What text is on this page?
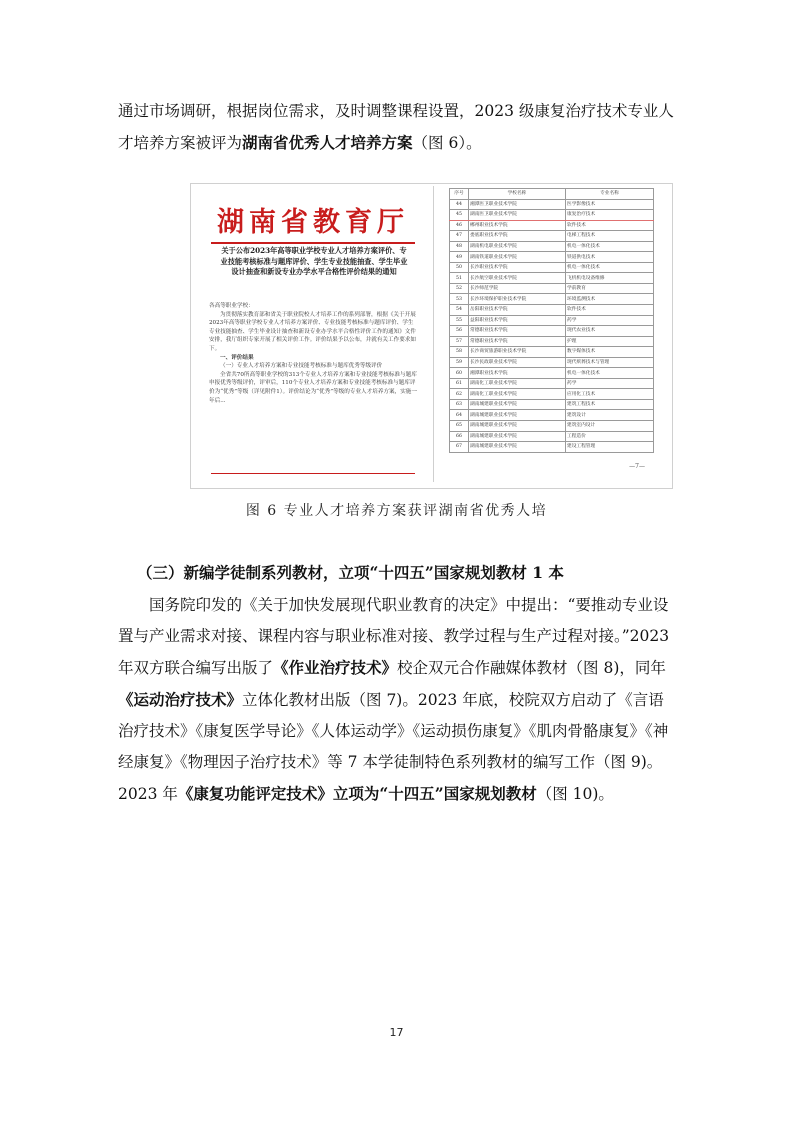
通过市场调研，根据岗位需求，及时调整课程设置，2023 级康复治疗技术专业人才培养方案被评为湖南省优秀人才培养方案（图 6）。

湖南省教育厅
关于公布2023年高等职业学校专业人才培养方案评价、专业技能考核标准与题库评价、学生专业技能抽查、学生毕业设计抽查和新设专业办学水平合格性评价结果的通知

各高等职业学校：

为贯彻落实教育部和省关于职业院校人才培养工作的系列部署，根据《关于开展2023年高等职业学校专业人才培养方案评价、专业技能考核标准与题库评价、学生专业技能抽查、学生毕业设计抽查和新设专业办学水平合格性评价工作的通知》文件安排，我厅组织专家开展了相关评价工作。评价结果予以公布，并就有关工作要求如下。

一、评价结果

（一）专业人才培养方案和专业技能考核标准与题库优秀等级评价

全省共70所高等职业学校的313个专业人才培养方案和专业技能考核标准与题库申报优秀等级评价，评审后，110个专业人才培养方案和专业技能考核标准与题库评价为“优秀”等级（详见附件1）。评价结论为“优秀”等级的专业人才培养方案，实施一年后...

序号	学校名称	专业名称
44	湘潭医卫职业技术学院	医学影像技术
45	湖南医卫职业技术学院	康复治疗技术
46	郴州职业技术学院	软件技术
47	娄底职业技术学院	电梯工程技术
48	湖南机电职业技术学院	机电一体化技术
49	湖南铁道职业技术学院	铁道供电技术
50	长沙职业技术学院	机电一体化技术
51	长沙航空职业技术学院	飞机机电设备维修
52	长沙师范学院	学前教育
53	长沙环境保护职业技术学院	环境监测技术
54	岳阳职业技术学院	软件技术
55	益阳职业技术学院	药学
56	常德职业技术学院	现代农业技术
57	常德职业技术学院	护理
58	长沙商贸旅游职业技术学院	数字媒体技术
59	长沙民政职业技术学院	现代殡葬技术与管理
60	湘潭职业技术学院	机电一体化技术
61	湖南化工职业技术学院	药学
62	湖南化工职业技术学院	应用化工技术
63	湖南城建职业技术学院	建筑工程技术
64	湖南城建职业技术学院	建筑设计
65	湖南城建职业技术学院	建筑室内设计
66	湖南城建职业技术学院	工程造价
67	湖南城建职业技术学院	建设工程管理
—7—
图 6 专业人才培养方案获评湖南省优秀人培

（三）新编学徒制系列教材，立项“十四五”国家规划教材 1 本

国务院印发的《关于加快发展现代职业教育的决定》中提出：“要推动专业设置与产业需求对接、课程内容与职业标准对接、教学过程与生产过程对接。”2023 年双方联合编写出版了《作业治疗技术》校企双元合作融媒体教材（图 8)，同年《运动治疗技术》立体化教材出版（图 7)。2023 年底，校院双方启动了《言语治疗技术》《康复医学导论》《人体运动学》《运动损伤康复》《肌肉骨骼康复》《神经康复》《物理因子治疗技术》等 7 本学徒制特色系列教材的编写工作（图 9)。2023 年《康复功能评定技术》立项为“十四五”国家规划教材（图 10)。

17
